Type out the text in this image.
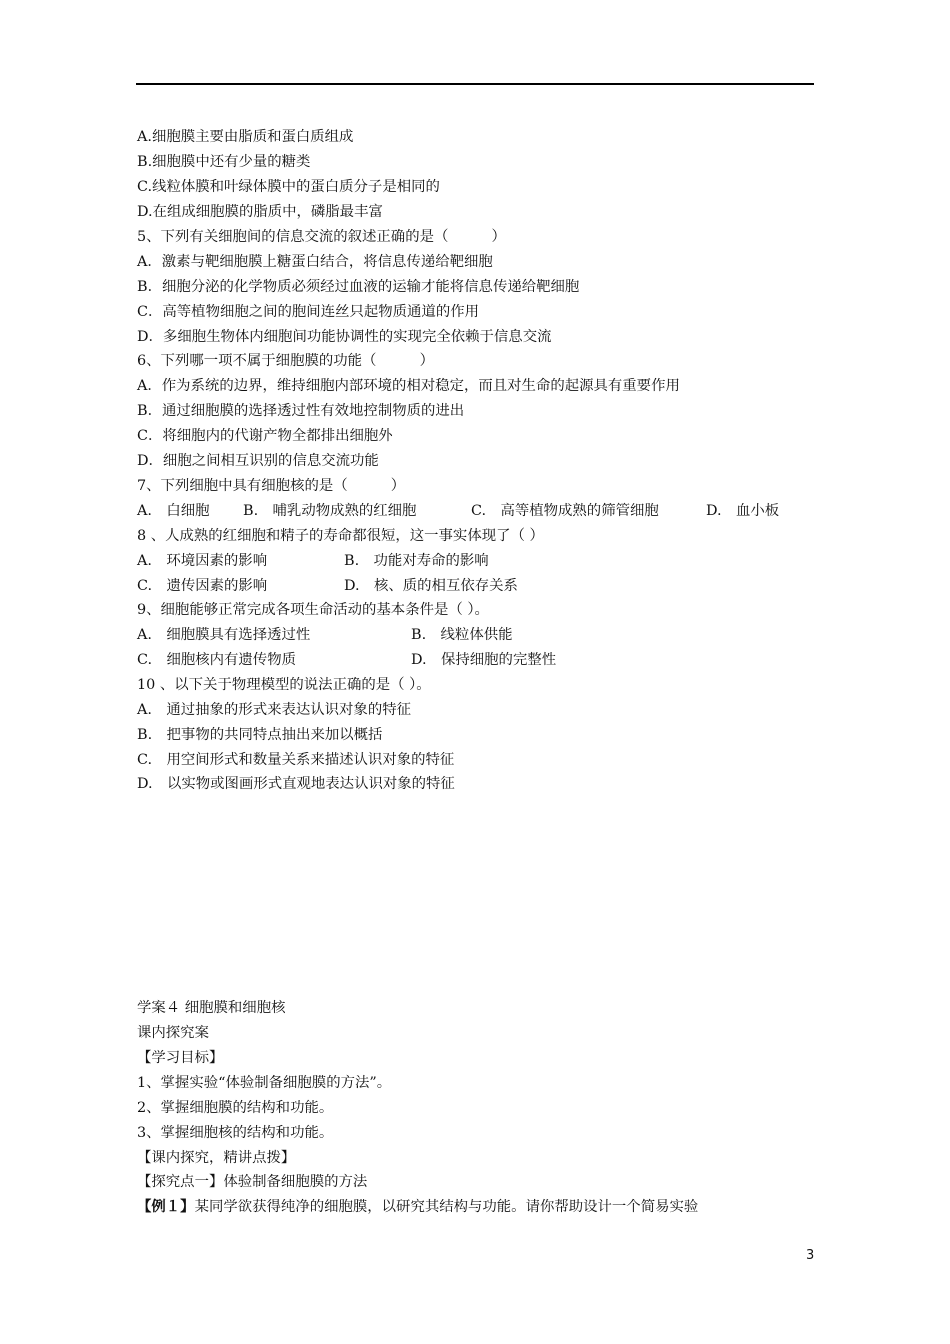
A.细胞膜主要由脂质和蛋白质组成
B.细胞膜中还有少量的糖类
C.线粒体膜和叶绿体膜中的蛋白质分子是相同的
D.在组成细胞膜的脂质中，磷脂最丰富
5、下列有关细胞间的信息交流的叙述正确的是（　　　）
A．激素与靶细胞膜上糖蛋白结合，将信息传递给靶细胞
B．细胞分泌的化学物质必须经过血液的运输才能将信息传递给靶细胞
C．高等植物细胞之间的胞间连丝只起物质通道的作用
D．多细胞生物体内细胞间功能协调性的实现完全依赖于信息交流
6、下列哪一项不属于细胞膜的功能（　　　）
A．作为系统的边界，维持细胞内部环境的相对稳定，而且对生命的起源具有重要作用
B．通过细胞膜的选择透过性有效地控制物质的进出
C．将细胞内的代谢产物全都排出细胞外
D．细胞之间相互识别的信息交流功能
7、下列细胞中具有细胞核的是（　　　）
A.　白细胞 B.　哺乳动物成熟的红细胞	C.　高等植物成熟的筛管细胞	D.　血小板
8 、人成熟的红细胞和精子的寿命都很短，这一事实体现了（ ）
A.　环境因素的影响	B.　功能对寿命的影响
C.　遗传因素的影响	D.　核、质的相互依存关系
9、细胞能够正常完成各项生命活动的基本条件是（ ）。
A.　细胞膜具有选择透过性	B.　线粒体供能
C.　细胞核内有遗传物质	D.　保持细胞的完整性
10 、以下关于物理模型的说法正确的是（ ）。
A.　通过抽象的形式来表达认识对象的特征
B.　把事物的共同特点抽出来加以概括
C.　用空间形式和数量关系来描述认识对象的特征
D.　以实物或图画形式直观地表达认识对象的特征
学案４ 细胞膜和细胞核
课内探究案
【学习目标】
1、掌握实验“体验制备细胞膜的方法”。
2、掌握细胞膜的结构和功能。
3、掌握细胞核的结构和功能。
【课内探究，精讲点拨】
【探究点一】体验制备细胞膜的方法
【例１】某同学欲获得纯净的细胞膜，以研究其结构与功能。请你帮助设计一个简易实验
3
